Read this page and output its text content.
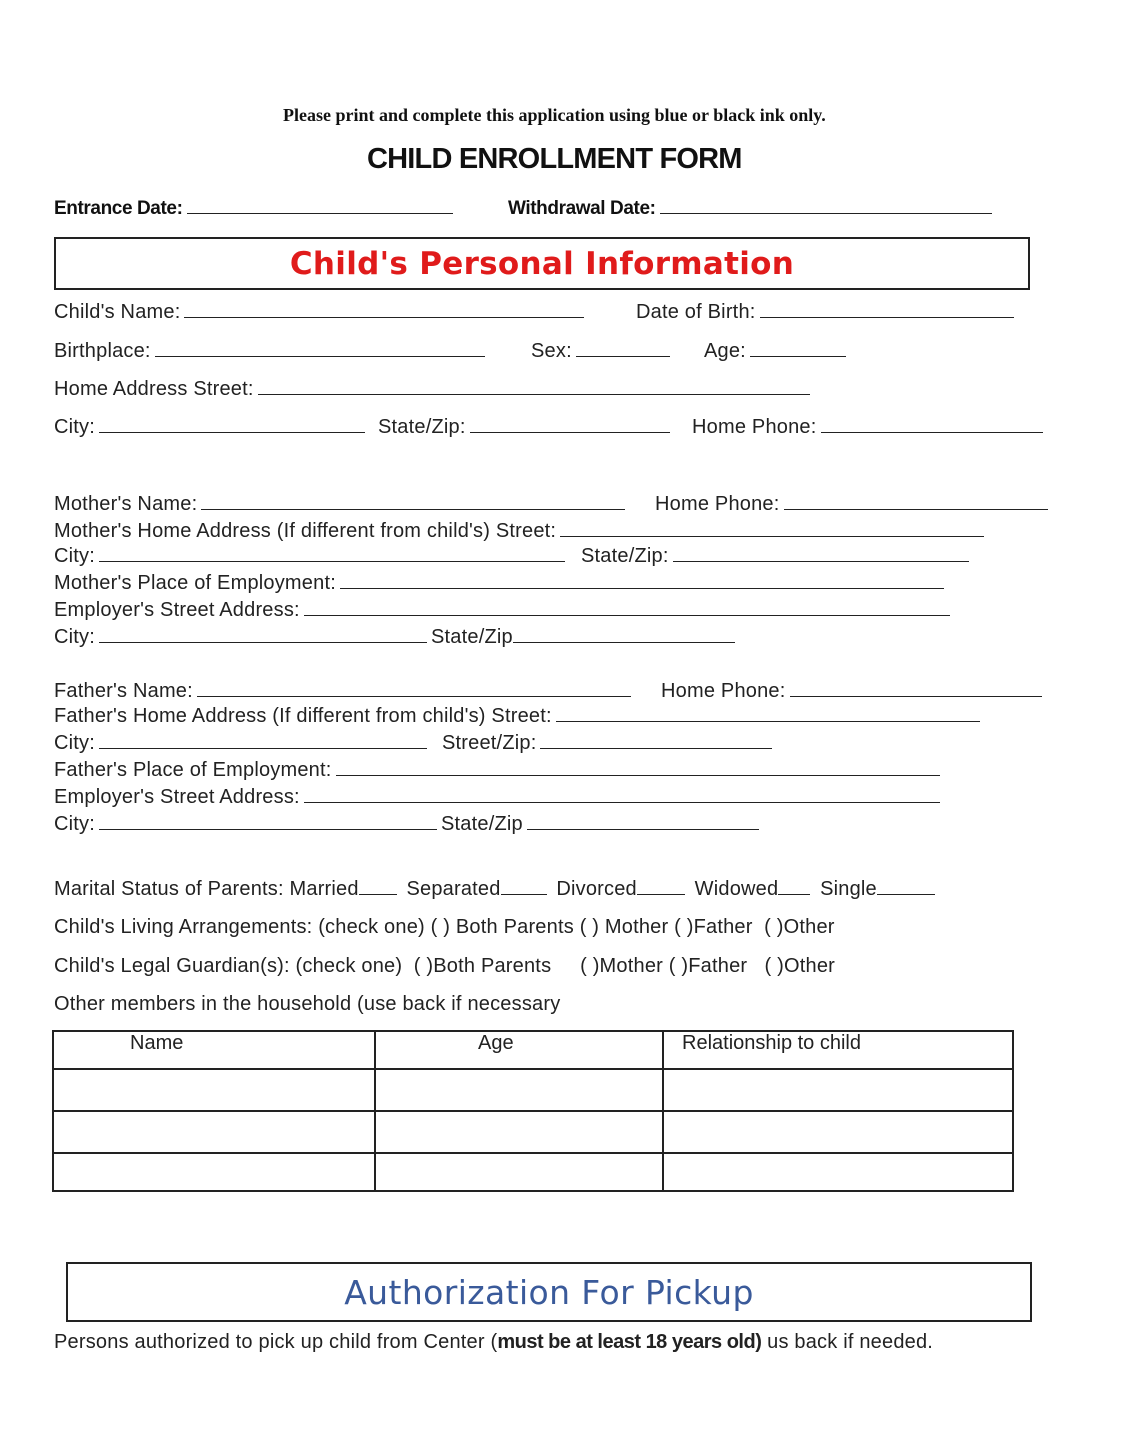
Please print and complete this application using blue or black ink only.
CHILD ENROLLMENT FORM
Entrance Date:	Withdrawal Date:
Child's Personal Information
Child's Name:	Date of Birth:
Birthplace:	Sex:	Age:
Home Address Street:
City:	State/Zip:	Home Phone:
Mother's Name:	Home Phone:
Mother's Home Address (If different from child's) Street:
City:	State/Zip:
Mother's Place of Employment:
Employer's Street Address:
City:	State/Zip
Father's Name:	Home Phone:
Father's Home Address (If different from child's) Street:
City:	Street/Zip:
Father's Place of Employment:
Employer's Street Address:
City:	State/Zip
Marital Status of Parents: Married Separated	Divorced	Widowed Single
Child's Living Arrangements: (check one) ( ) Both Parents ( ) Mother ( )Father ( )Other
Child's Legal Guardian(s): (check one) ( )Both Parents ( )Mother ( )Father ( )Other
Other members in the household (use back if necessary
Name	Age	Relationship to child

Authorization For Pickup
Persons authorized to pick up child from Center (must be at least 18 years old) us back if needed.
